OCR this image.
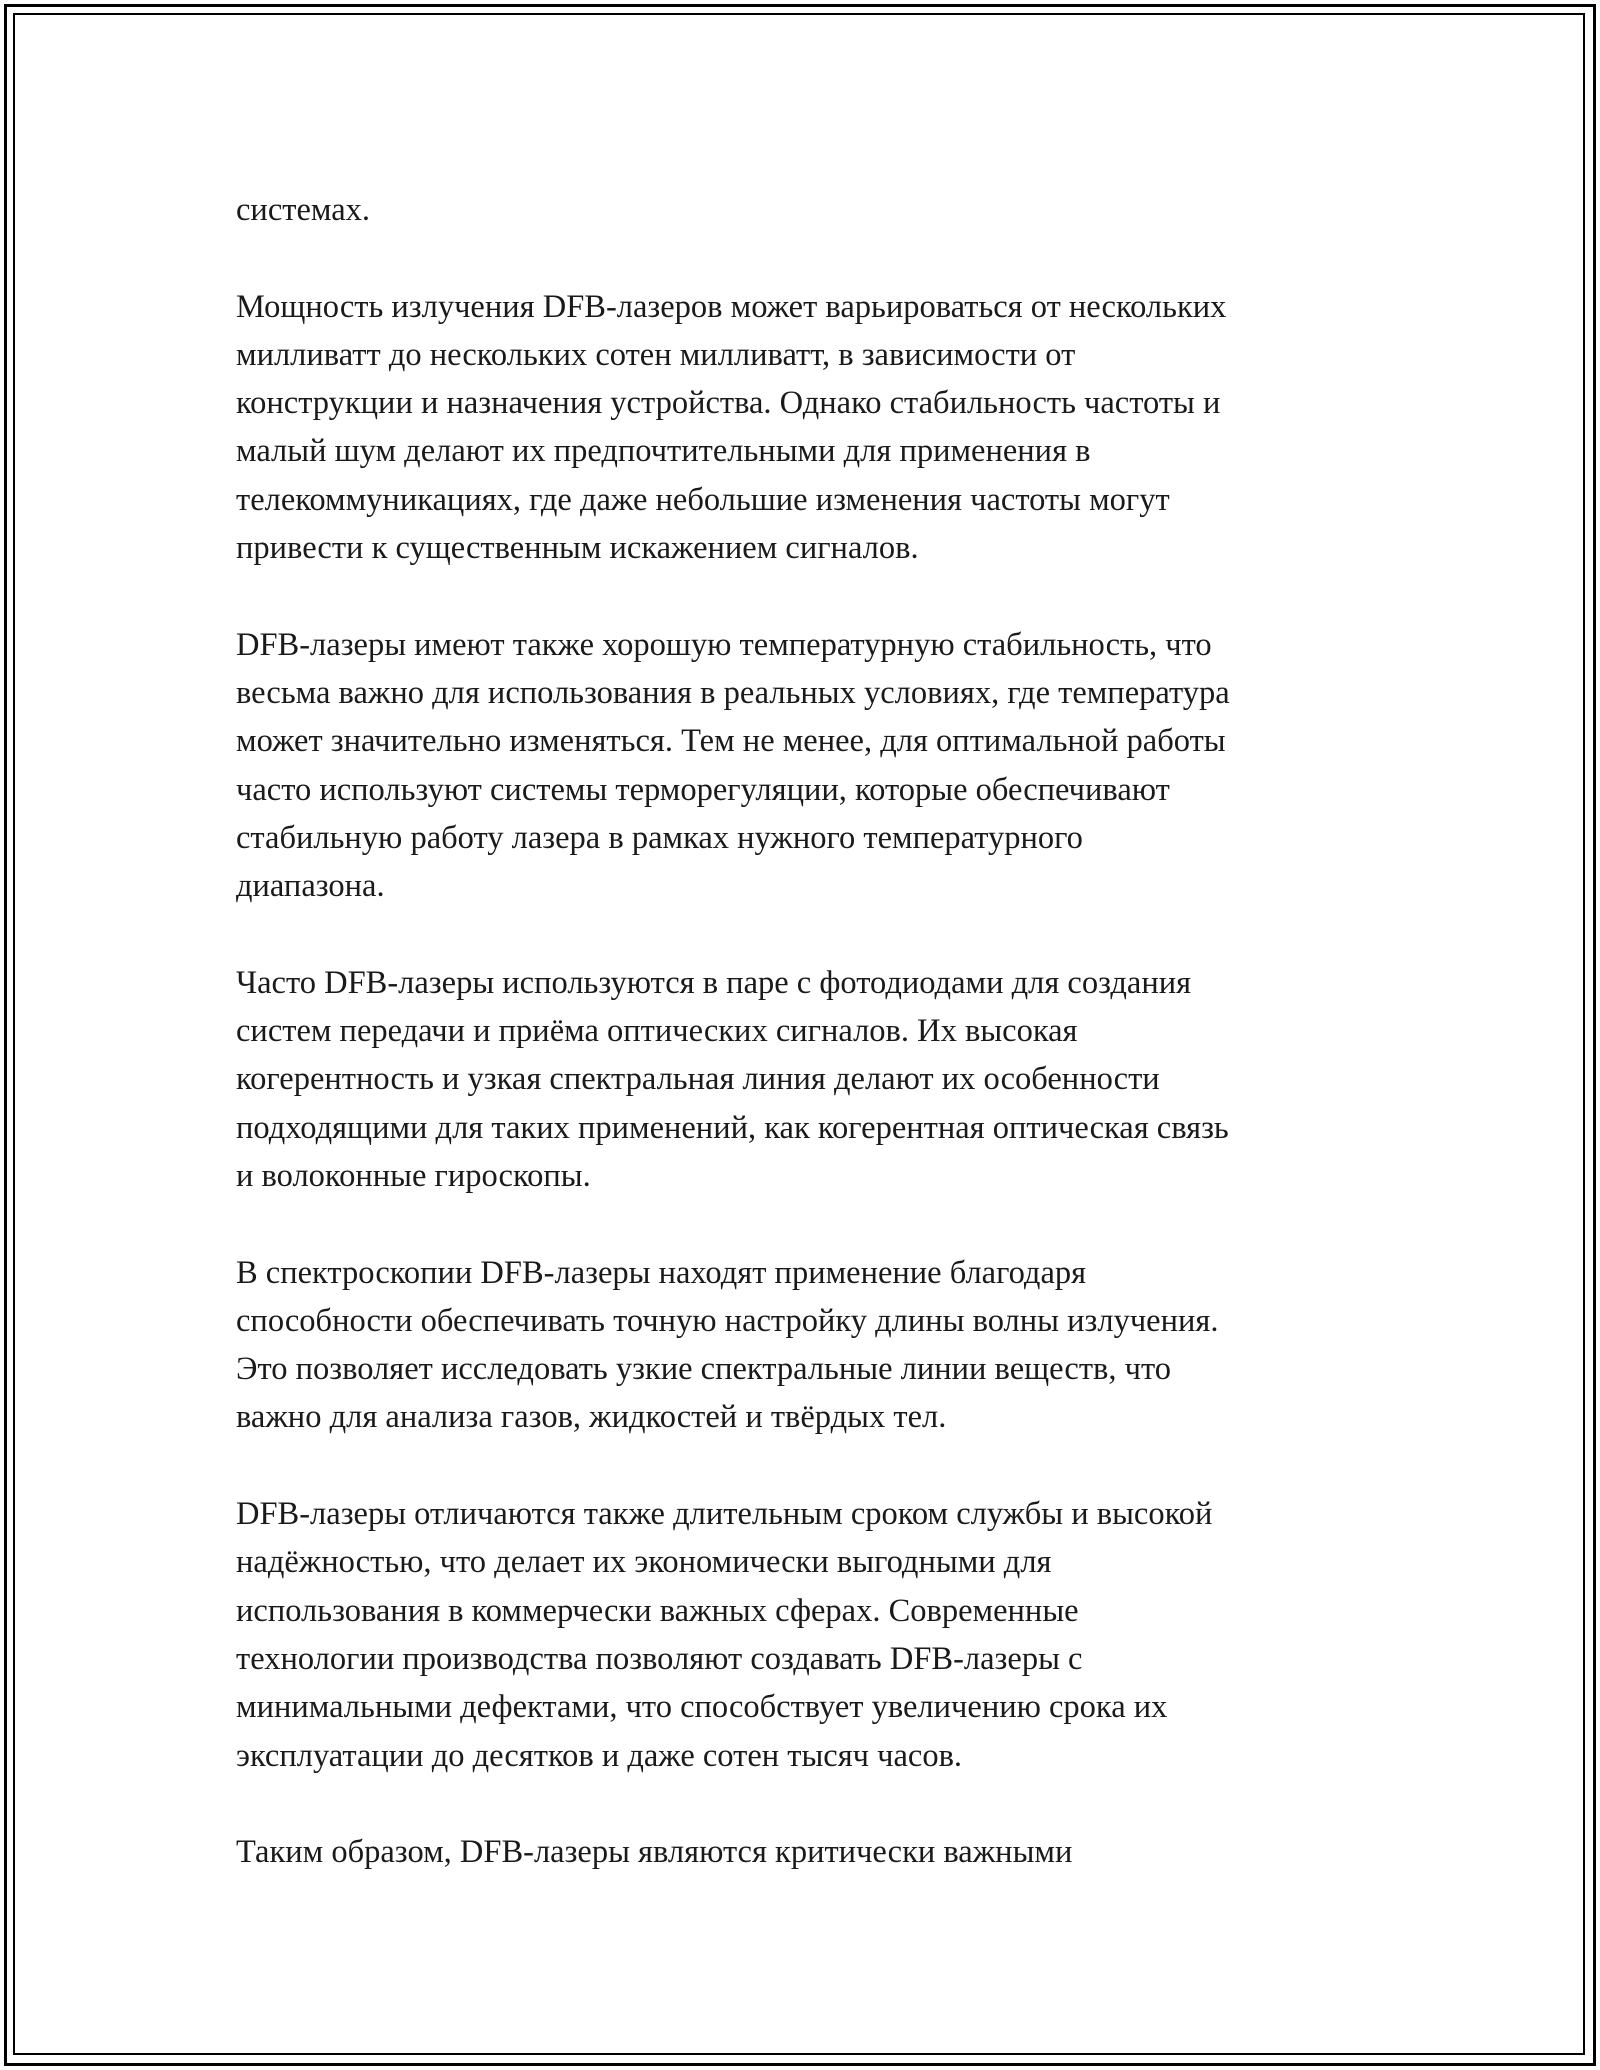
системах.

Мощность излучения DFB-лазеров может варьироваться от нескольких
милливатт до нескольких сотен милливатт, в зависимости от
конструкции и назначения устройства. Однако стабильность частоты и
малый шум делают их предпочтительными для применения в
телекоммуникациях, где даже небольшие изменения частоты могут
привести к существенным искажением сигналов.

DFB-лазеры имеют также хорошую температурную стабильность, что
весьма важно для использования в реальных условиях, где температура
может значительно изменяться. Тем не менее, для оптимальной работы
часто используют системы терморегуляции, которые обеспечивают
стабильную работу лазера в рамках нужного температурного
диапазона.

Часто DFB-лазеры используются в паре с фотодиодами для создания
систем передачи и приёма оптических сигналов. Их высокая
когерентность и узкая спектральная линия делают их особенности
подходящими для таких применений, как когерентная оптическая связь
и волоконные гироскопы.

В спектроскопии DFB-лазеры находят применение благодаря
способности обеспечивать точную настройку длины волны излучения.
Это позволяет исследовать узкие спектральные линии веществ, что
важно для анализа газов, жидкостей и твёрдых тел.

DFB-лазеры отличаются также длительным сроком службы и высокой
надёжностью, что делает их экономически выгодными для
использования в коммерчески важных сферах. Современные
технологии производства позволяют создавать DFB-лазеры с
минимальными дефектами, что способствует увеличению срока их
эксплуатации до десятков и даже сотен тысяч часов.

Таким образом, DFB-лазеры являются критически важными
